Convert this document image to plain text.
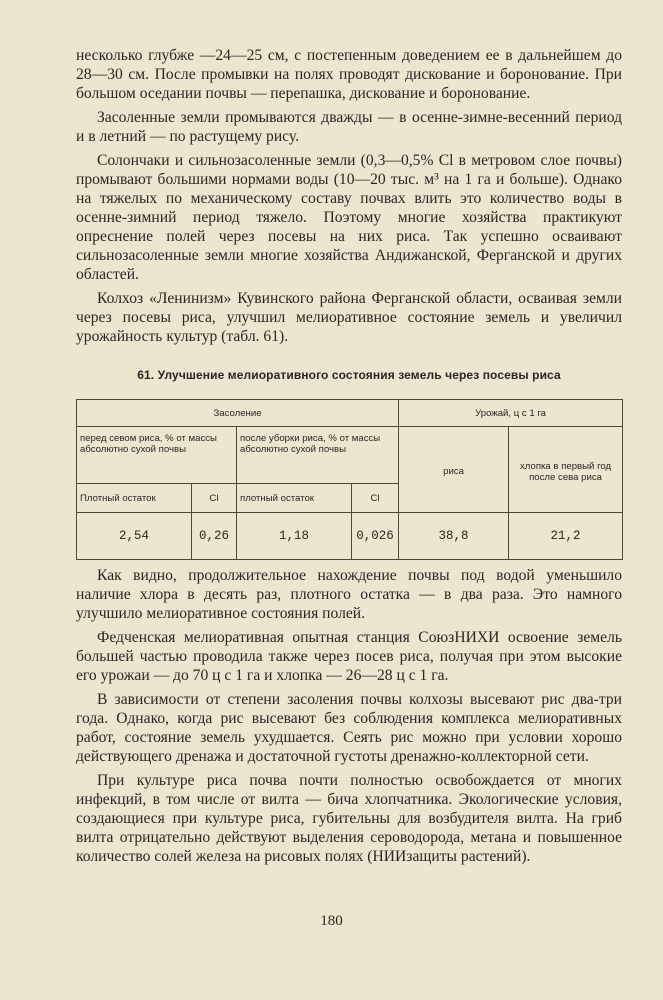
несколько глубже —24—25 см, с постепенным доведением ее в дальнейшем до 28—30 см. После промывки на полях проводят дискование и боронование. При большом оседании почвы — перепашка, дискование и боронование.

Засоленные земли промываются дважды — в осенне-зимне-весенний период и в летний — по растущему рису.

Солончаки и сильнозасоленные земли (0,3—0,5% Cl в метровом слое почвы) промывают большими нормами воды (10—20 тыс. м³ на 1 га и больше). Однако на тяжелых по механическому составу почвах влить это количество воды в осенне-зимний период тяжело. Поэтому многие хозяйства практикуют опреснение полей через посевы на них риса. Так успешно осваивают сильнозасоленные земли многие хозяйства Андижанской, Ферганской и других областей.

Колхоз «Ленинизм» Кувинского района Ферганской области, осваивая земли через посевы риса, улучшил мелиоративное состояние земель и увеличил урожайность культур (табл. 61).

61. Улучшение мелиоративного состояния земель через посевы риса
Засоление				Урожай, ц с 1 га	
перед севом риса, % от массы абсолютно сухой почвы		после уборки риса, % от массы абсолютно сухой почвы		риса	хлопка в первый год после сева риса
Плотный остаток	Cl	плотный остаток	Cl		
2,54	0,26	1,18	0,026	38,8	21,2

Как видно, продолжительное нахождение почвы под водой уменьшило наличие хлора в десять раз, плотного остатка — в два раза. Это намного улучшило мелиоративное состояния полей.

Федченская мелиоративная опытная станция СоюзНИХИ освоение земель большей частью проводила также через посев риса, получая при этом высокие его урожаи — до 70 ц с 1 га и хлопка — 26—28 ц с 1 га.

В зависимости от степени засоления почвы колхозы высевают рис два-три года. Однако, когда рис высевают без соблюдения комплекса мелиоративных работ, состояние земель ухудшается. Сеять рис можно при условии хорошо действующего дренажа и достаточной густоты дренажно-коллекторной сети.

При культуре риса почва почти полностью освобождается от многих инфекций, в том числе от вилта — бича хлопчатника. Экологические условия, создающиеся при культуре риса, губительны для возбудителя вилта. На гриб вилта отрицательно действуют выделения сероводорода, метана и повышенное количество солей железа на рисовых полях (НИИзащиты растений).

180
